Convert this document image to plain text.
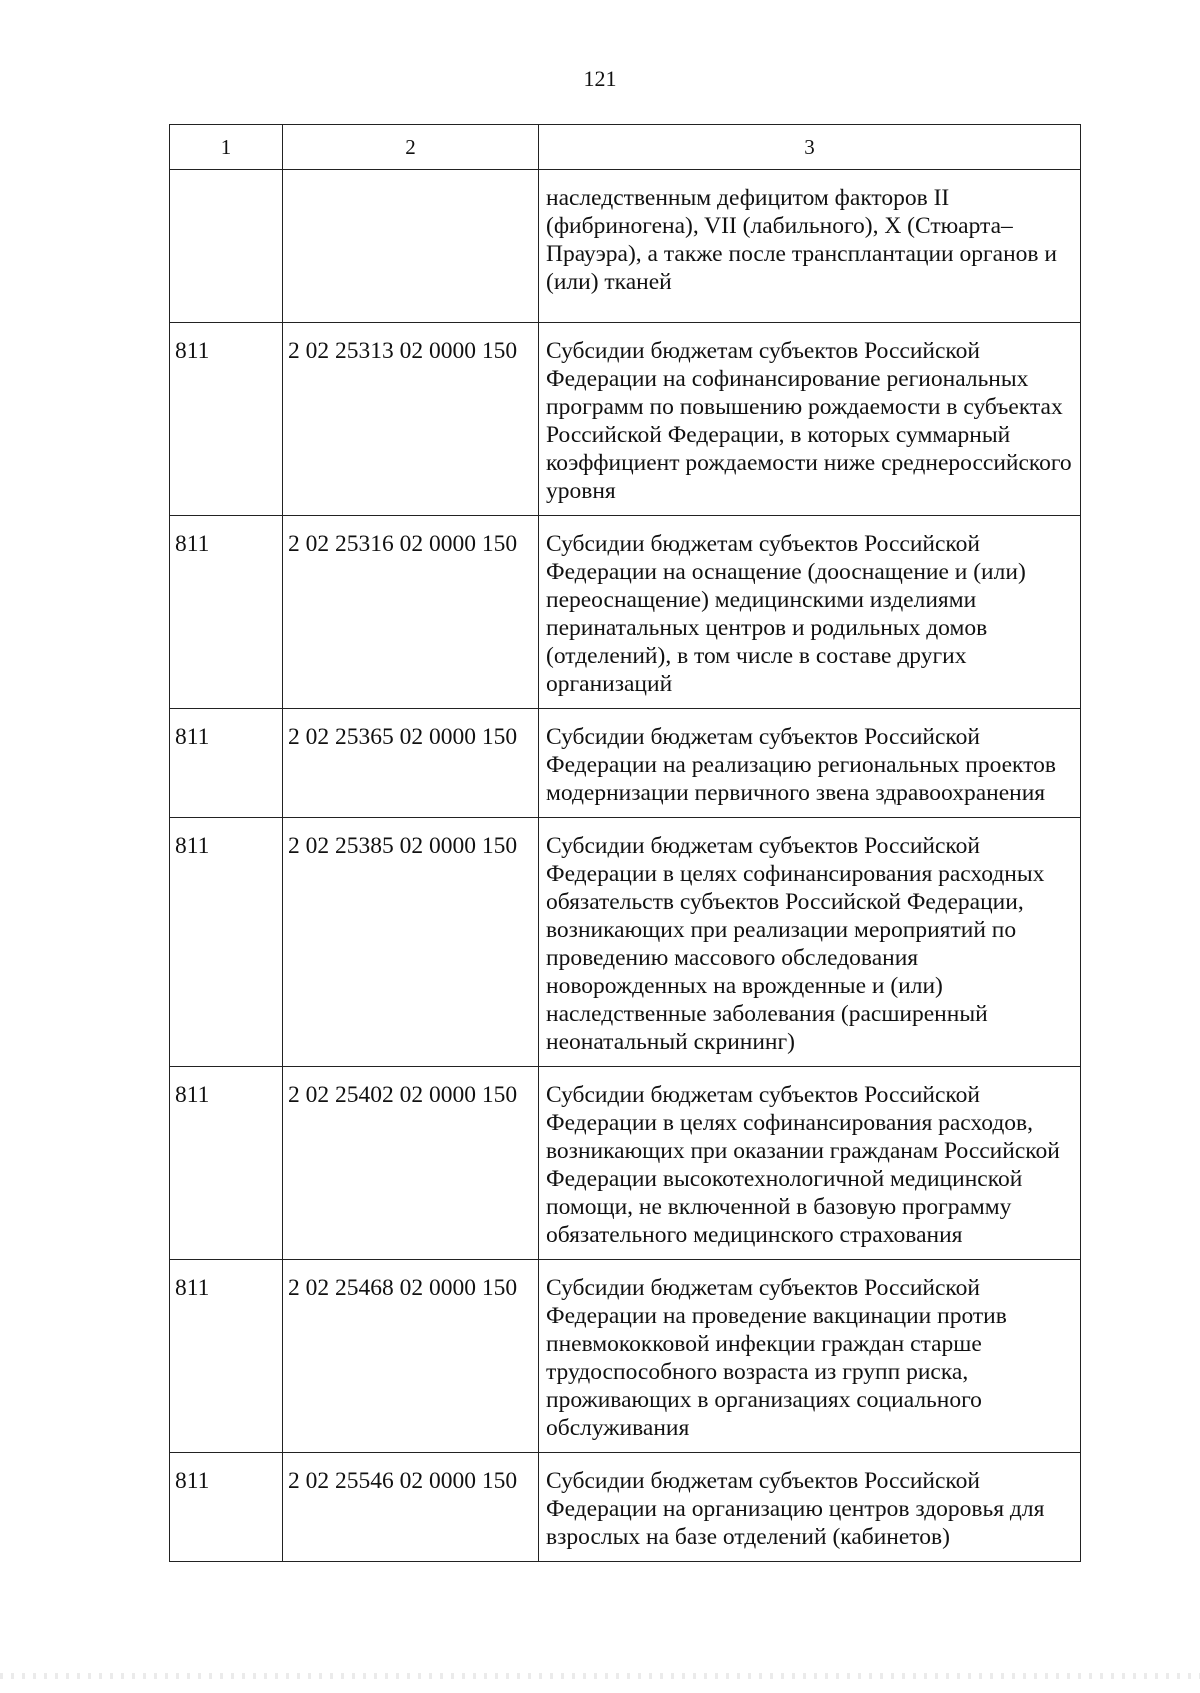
121
1	2	3
		наследственным дефицитом факторов II (фибриногена), VII (лабильного), X (Стюарта–Прауэра), а также после трансплантации органов и (или) тканей
811	2 02 25313 02 0000 150	Субсидии бюджетам субъектов Российской Федерации на софинансирование региональных программ по повышению рождаемости в субъектах Российской Федерации, в которых суммарный коэффициент рождаемости ниже среднероссийского уровня
811	2 02 25316 02 0000 150	Субсидии бюджетам субъектов Российской Федерации на оснащение (дооснащение и (или) переоснащение) медицинскими изделиями перинатальных центров и родильных домов (отделений), в том числе в составе других организаций
811	2 02 25365 02 0000 150	Субсидии бюджетам субъектов Российской Федерации на реализацию региональных проектов модернизации первичного звена здравоохранения
811	2 02 25385 02 0000 150	Субсидии бюджетам субъектов Российской Федерации в целях софинансирования расходных обязательств субъектов Российской Федерации, возникающих при реализации мероприятий по проведению массового обследования новорожденных на врожденные и (или) наследственные заболевания (расширенный неонатальный скрининг)
811	2 02 25402 02 0000 150	Субсидии бюджетам субъектов Российской Федерации в целях софинансирования расходов, возникающих при оказании гражданам Российской Федерации высокотехнологичной медицинской помощи, не включенной в базовую программу обязательного медицинского страхования
811	2 02 25468 02 0000 150	Субсидии бюджетам субъектов Российской Федерации на проведение вакцинации против пневмококковой инфекции граждан старше трудоспособного возраста из групп риска, проживающих в организациях социального обслуживания
811	2 02 25546 02 0000 150	Субсидии бюджетам субъектов Российской Федерации на организацию центров здоровья для взрослых на базе отделений (кабинетов)
